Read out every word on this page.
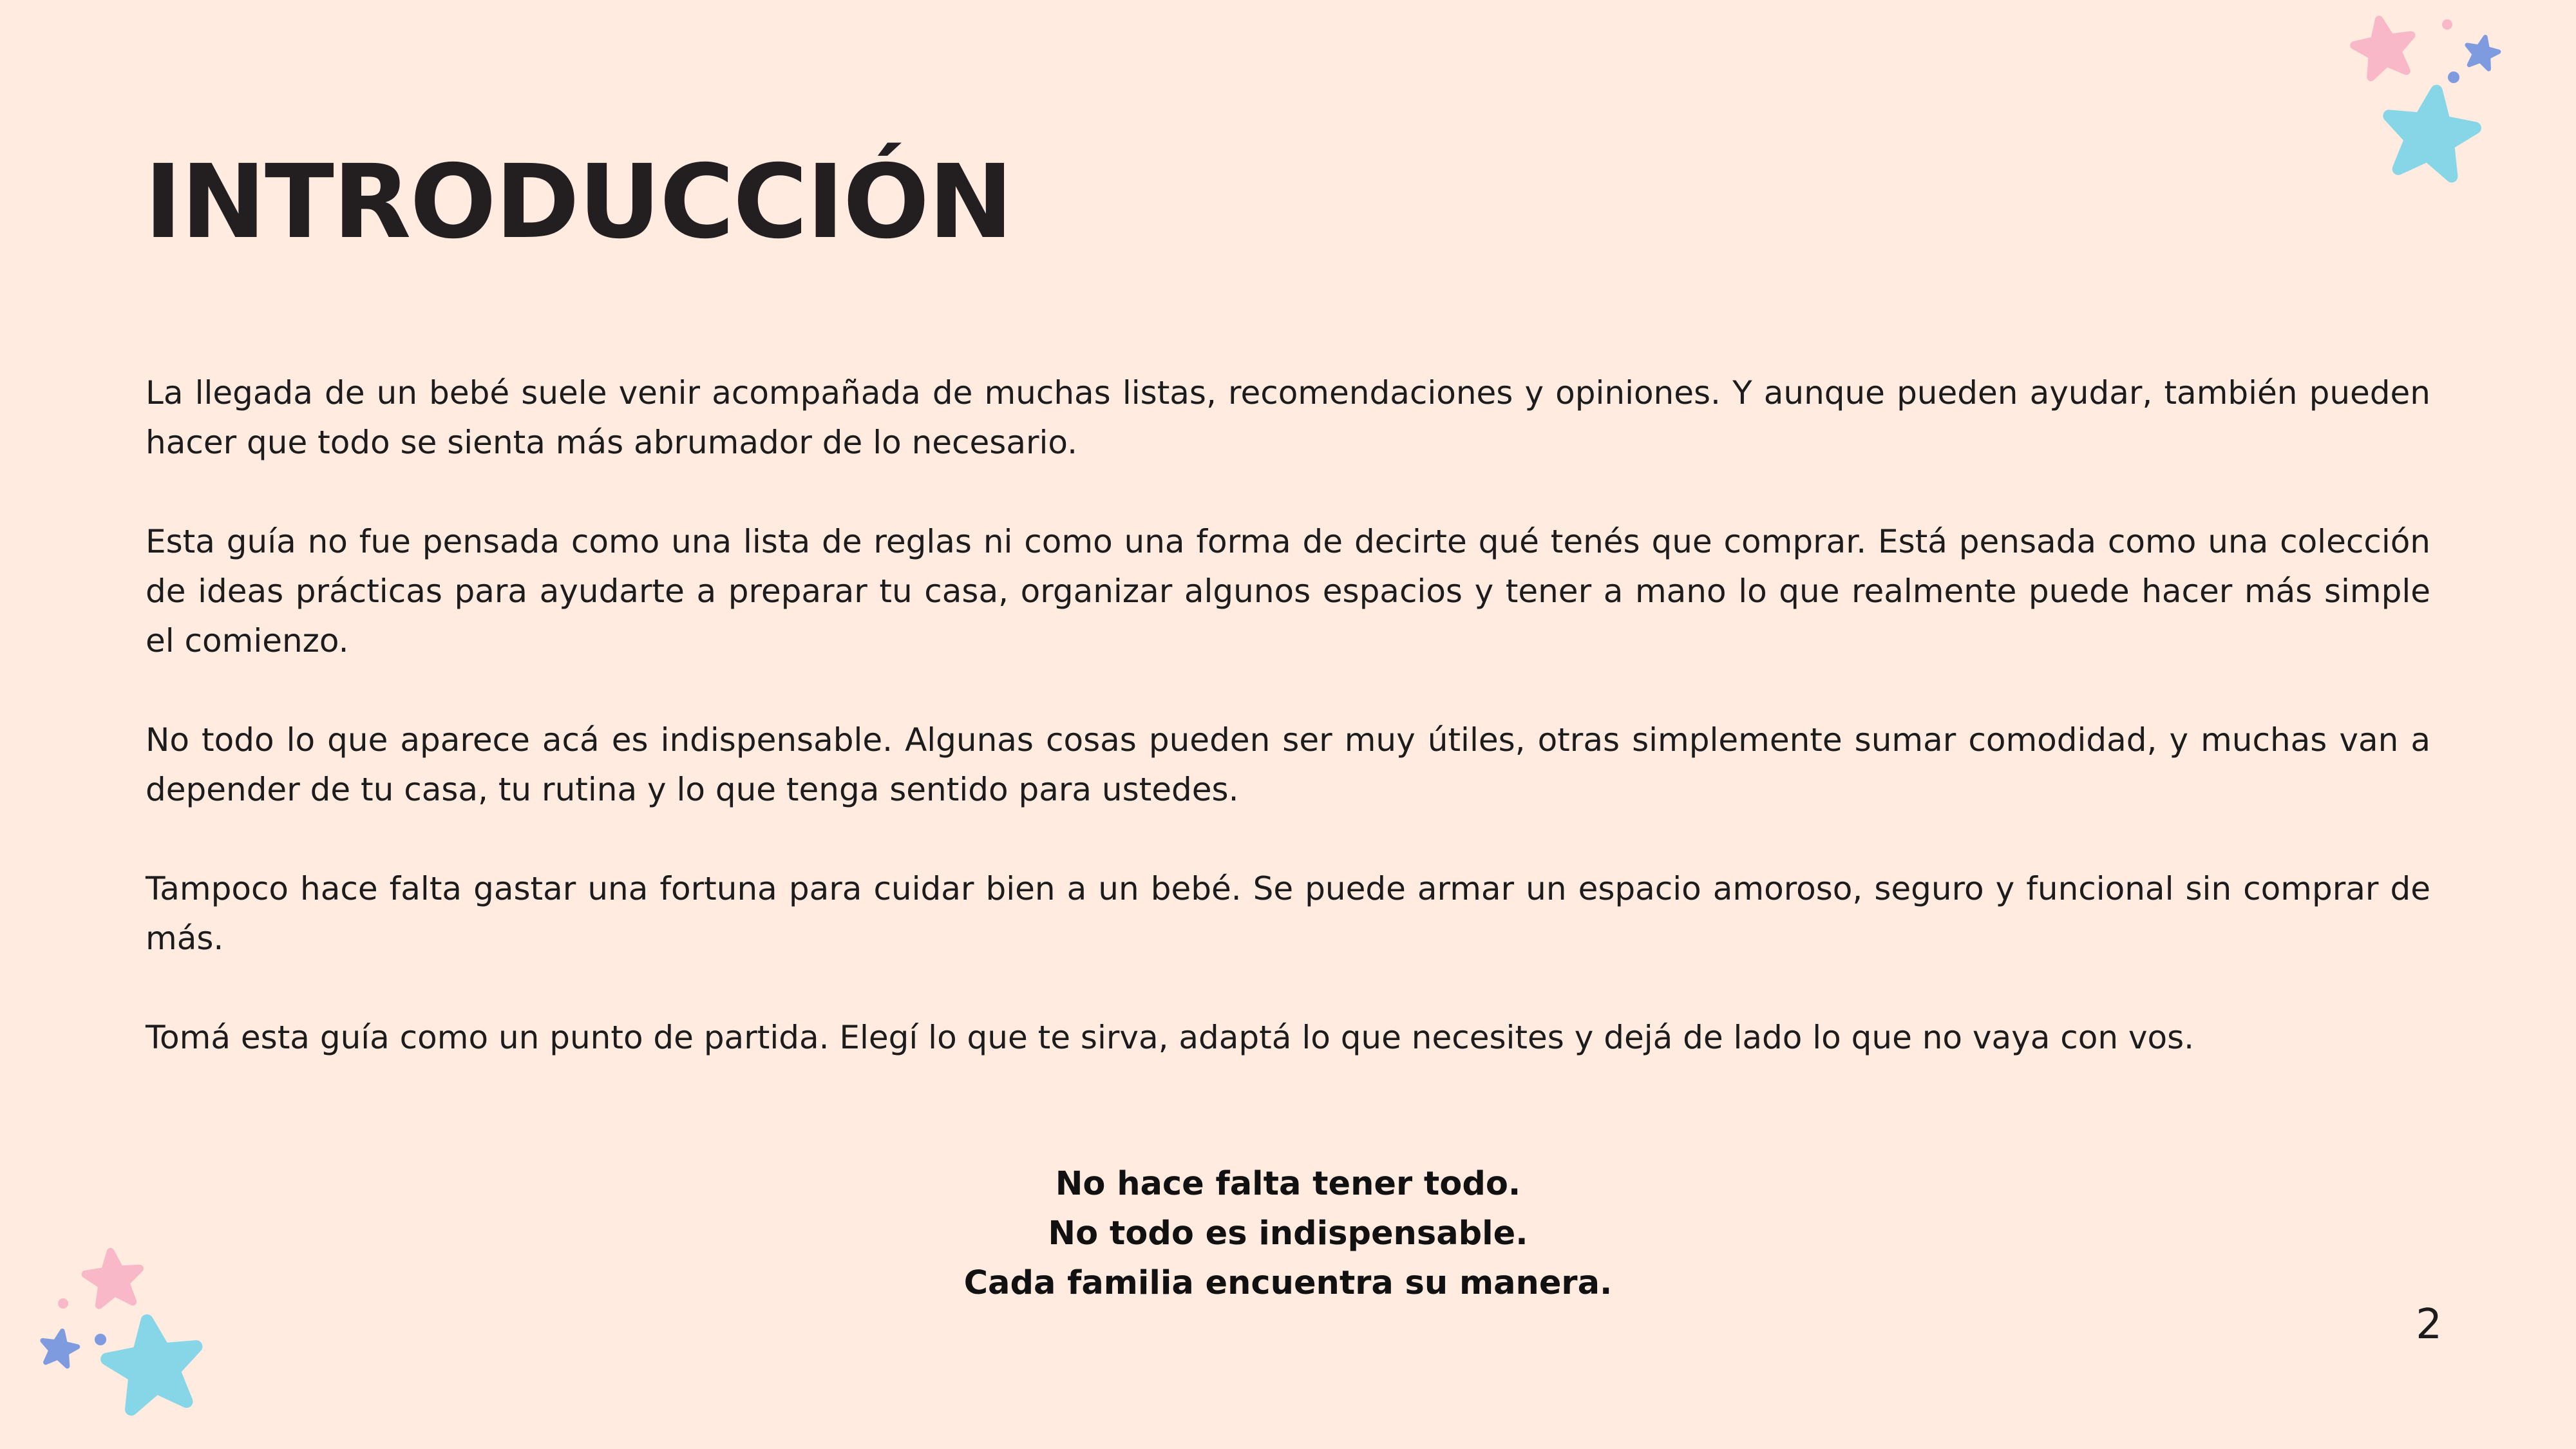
INTRODUCCIÓN

La llegada de un bebé suele venir acompañada de muchas listas, recomendaciones y opiniones. Y aunque pueden ayudar, también pueden hacer que todo se sienta más abrumador de lo necesario.

Esta guía no fue pensada como una lista de reglas ni como una forma de decirte qué tenés que comprar. Está pensada como una colección de ideas prácticas para ayudarte a preparar tu casa, organizar algunos espacios y tener a mano lo que realmente puede hacer más simple el comienzo.

No todo lo que aparece acá es indispensable. Algunas cosas pueden ser muy útiles, otras simplemente sumar comodidad, y muchas van a depender de tu casa, tu rutina y lo que tenga sentido para ustedes.

Tampoco hace falta gastar una fortuna para cuidar bien a un bebé. Se puede armar un espacio amoroso, seguro y funcional sin comprar de más.

Tomá esta guía como un punto de partida. Elegí lo que te sirva, adaptá lo que necesites y dejá de lado lo que no vaya con vos.

No hace falta tener todo.
No todo es indispensable.
Cada familia encuentra su manera.
2
